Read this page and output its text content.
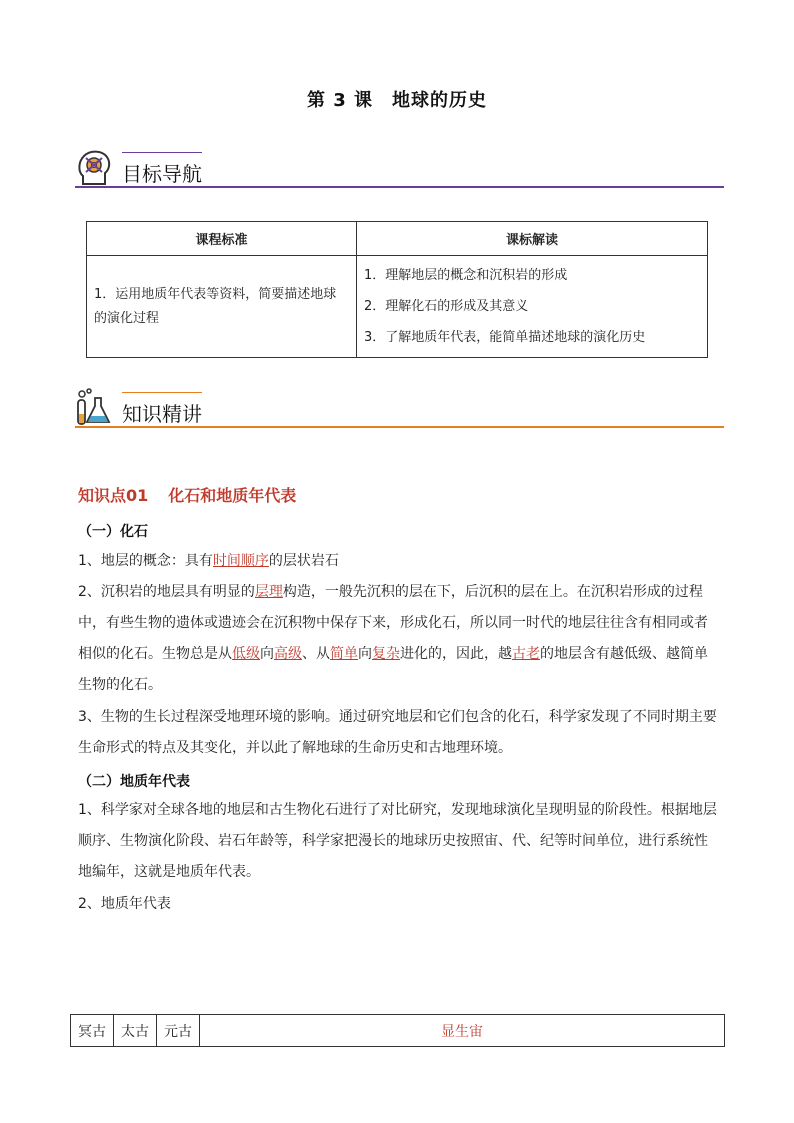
第 3 课　地球的历史
目标导航
课程标准	课标解读
1．运用地质年代表等资料，简要描述地球的演化过程	1．理解地层的概念和沉积岩的形成
2．理解化石的形成及其意义
3．了解地质年代表，能简单描述地球的演化历史
知识精讲
知识点01 化石和地质年代表
（一）化石
1、地层的概念：具有时间顺序的层状岩石
2、沉积岩的地层具有明显的层理构造，一般先沉积的层在下，后沉积的层在上。在沉积岩形成的过程中，有些生物的遗体或遗迹会在沉积物中保存下来，形成化石，所以同一时代的地层往往含有相同或者相似的化石。生物总是从低级向高级、从简单向复杂进化的，因此，越古老的地层含有越低级、越简单生物的化石。
3、生物的生长过程深受地理环境的影响。通过研究地层和它们包含的化石，科学家发现了不同时期主要生命形式的特点及其变化，并以此了解地球的生命历史和古地理环境。
（二）地质年代表
1、科学家对全球各地的地层和古生物化石进行了对比研究，发现地球演化呈现明显的阶段性。根据地层顺序、生物演化阶段、岩石年龄等，科学家把漫长的地球历史按照宙、代、纪等时间单位，进行系统性地编年，这就是地质年代表。
2、地质年代表
冥古	太古	元古	显生宙
